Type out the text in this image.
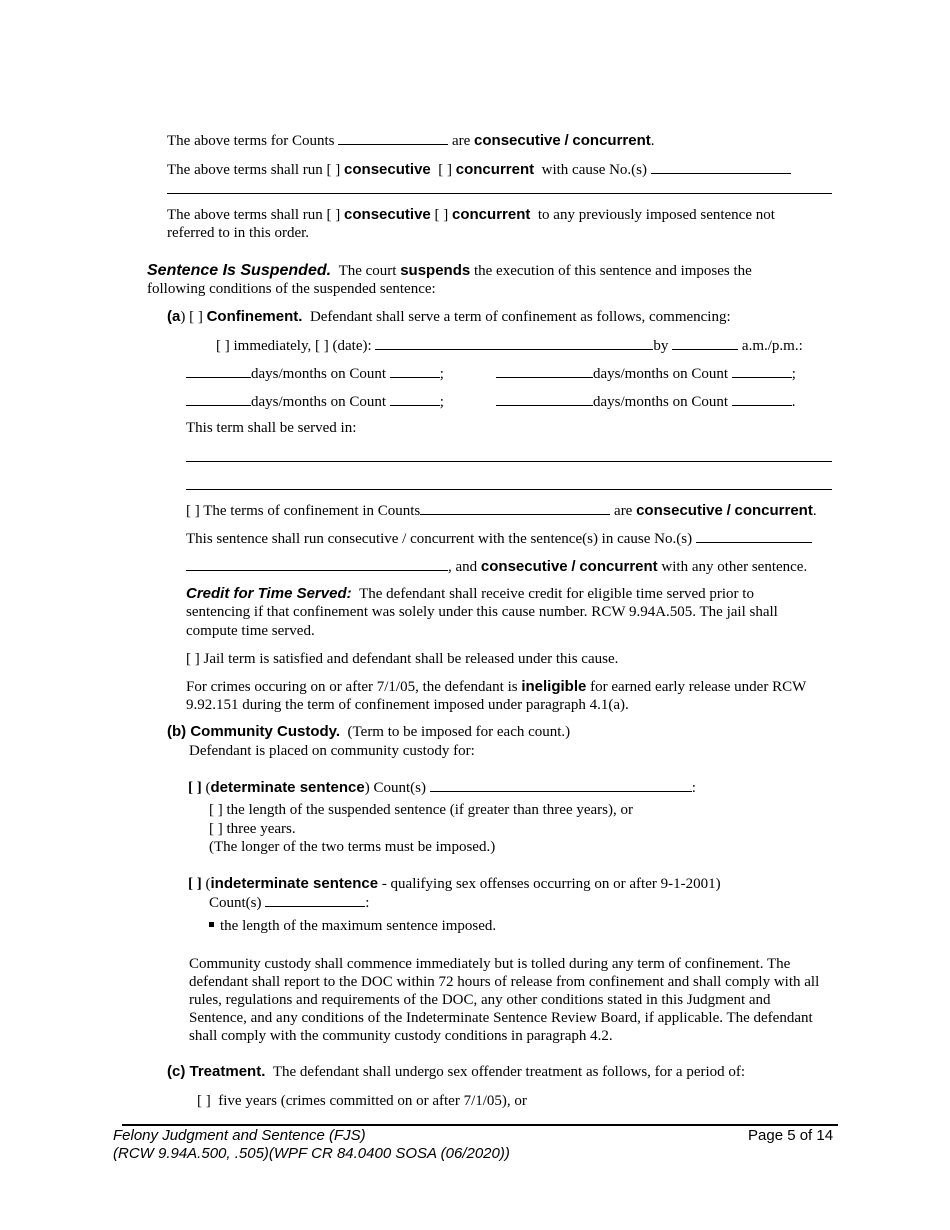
The above terms for Counts	are consecutive / concurrent.
The above terms shall run [ ] consecutive [ ] concurrent with cause No.(s)
The above terms shall run [ ] consecutive [ ] concurrent to any previously imposed sentence not
referred to in this order.
Sentence Is Suspended. The court suspends the execution of this sentence and imposes the
following conditions of the suspended sentence:
(a) [ ] Confinement. Defendant shall serve a term of confinement as follows, commencing:
[ ] immediately, [ ] (date):	by	a.m./p.m.:
days/months on Count	;	days/months on Count	;
days/months on Count	;	days/months on Count	.
This term shall be served in:
[ ] The terms of confinement in Counts	are consecutive / concurrent.
This sentence shall run consecutive / concurrent with the sentence(s) in cause No.(s)
, and consecutive / concurrent with any other sentence.
Credit for Time Served: The defendant shall receive credit for eligible time served prior to
sentencing if that confinement was solely under this cause number. RCW 9.94A.505. The jail shall
compute time served.
[ ] Jail term is satisfied and defendant shall be released under this cause.
For crimes occuring on or after 7/1/05, the defendant is ineligible for earned early release under RCW
9.92.151 during the term of confinement imposed under paragraph 4.1(a).
(b) Community Custody. (Term to be imposed for each count.)
Defendant is placed on community custody for:
[ ] (determinate sentence) Count(s)	:
[ ] the length of the suspended sentence (if greater than three years), or
[ ] three years.
(The longer of the two terms must be imposed.)
[ ] (indeterminate sentence - qualifying sex offenses occurring on or after 9-1-2001)
Count(s)	:
the length of the maximum sentence imposed.
Community custody shall commence immediately but is tolled during any term of confinement. The
defendant shall report to the DOC within 72 hours of release from confinement and shall comply with all
rules, regulations and requirements of the DOC, any other conditions stated in this Judgment and
Sentence, and any conditions of the Indeterminate Sentence Review Board, if applicable. The defendant
shall comply with the community custody conditions in paragraph 4.2.
(c) Treatment. The defendant shall undergo sex offender treatment as follows, for a period of:
[ ] five years (crimes committed on or after 7/1/05), or
Felony Judgment and Sentence (FJS)
(RCW 9.94A.500, .505)(WPF CR 84.0400 SOSA (06/2020))
Page 5 of 14
